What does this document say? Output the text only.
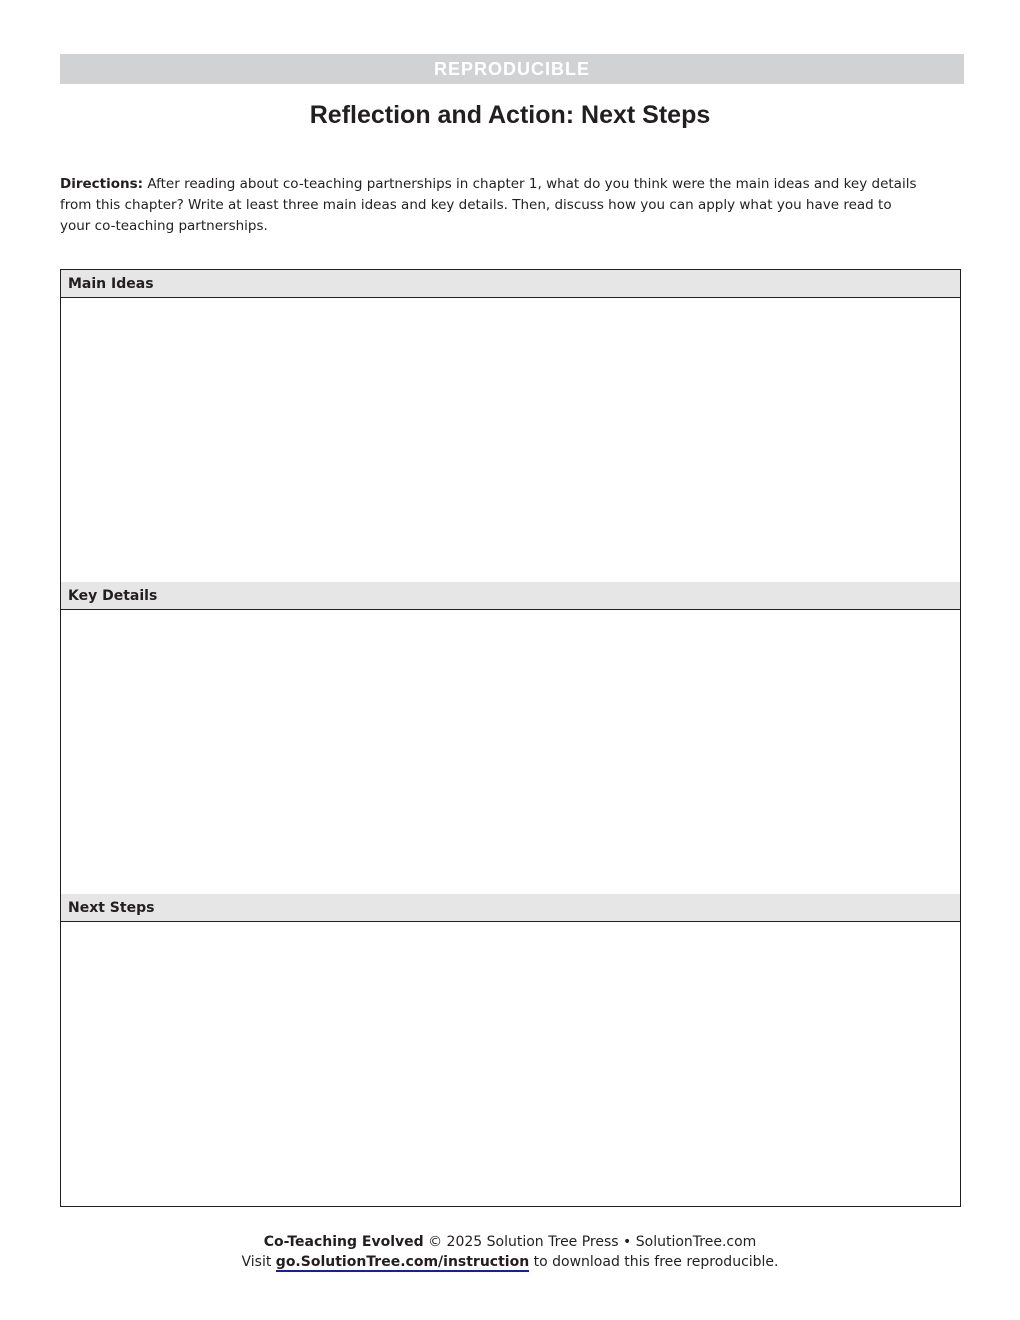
REPRODUCIBLE
Reflection and Action: Next Steps

Directions: After reading about co-teaching partnerships in chapter 1, what do you think were the main ideas and key details from this chapter? Write at least three main ideas and key details. Then, discuss how you can apply what you have read to your co-teaching partnerships.

Main Ideas
Key Details
Next Steps
Co-Teaching Evolved © 2025 Solution Tree Press • SolutionTree.com
Visit go.SolutionTree.com/instruction to download this free reproducible.
